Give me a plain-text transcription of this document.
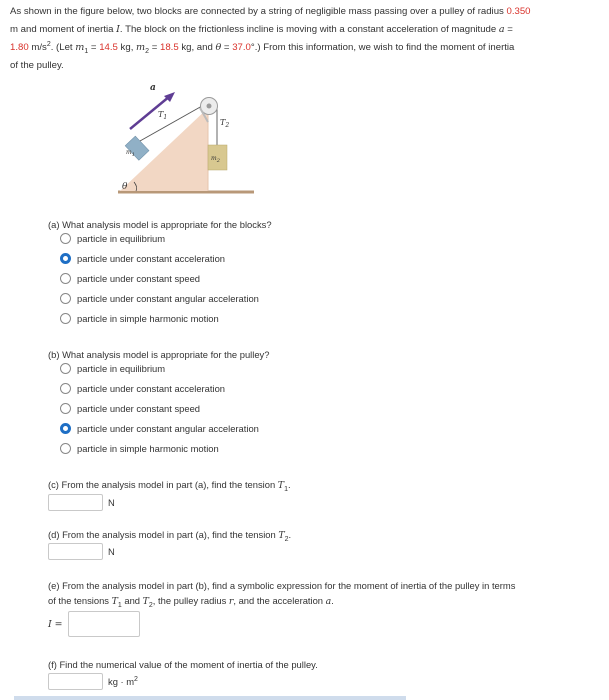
As shown in the figure below, two blocks are connected by a string of negligible mass passing over a pulley of radius 0.350
m and moment of inertia I. The block on the frictionless incline is moving with a constant acceleration of magnitude a =
1.80 $m/s^2$. (Let $m_1 = 14.5$ kg, $m_2 = 18.5$ kg, and θ = 37.0°.) From this information, we wish to find the moment of inertia
of the pulley.
a
$T_1$
$T_2$
$m_1$	$m_2$
θ
(a) What analysis model is appropriate for the blocks?
particle in equilibrium
particle under constant acceleration
particle under constant speed
particle under constant angular acceleration
particle in simple harmonic motion
(b) What analysis model is appropriate for the pulley?
particle in equilibrium
particle under constant acceleration
particle under constant speed
particle under constant angular acceleration
particle in simple harmonic motion
(c) From the analysis model in part (a), find the tension $T_1$.
N
(d) From the analysis model in part (a), find the tension $T_2$.
N
(e) From the analysis model in part (b), find a symbolic expression for the moment of inertia of the pulley in terms
of the tensions $T_1$ and $T_2$, the pulley radius r, and the acceleration a.
I =
(f) Find the numerical value of the moment of inertia of the pulley.
kg · $m^2$
